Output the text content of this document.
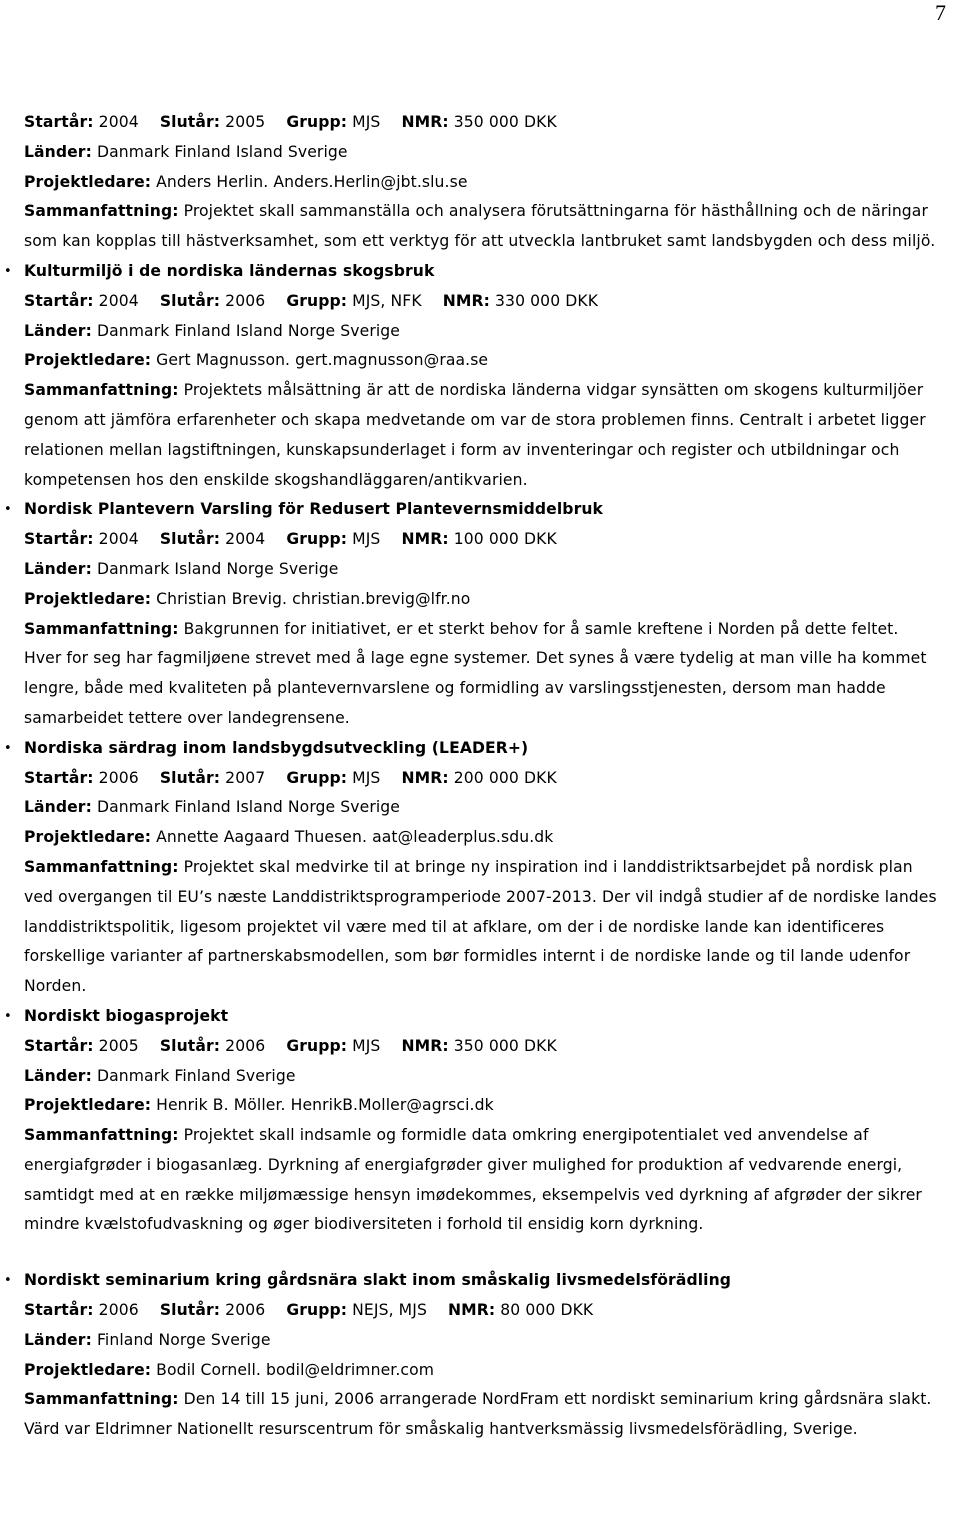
7
Startår: 2004 Slutår: 2005 Grupp: MJS NMR: 350 000 DKK
Länder: Danmark Finland Island Sverige
Projektledare: Anders Herlin. Anders.Herlin@jbt.slu.se

Sammanfattning: Projektet skall sammanställa och analysera förutsättningarna för hästhållning och de näringar som kan kopplas till hästverksamhet, som ett verktyg för att utveckla lantbruket samt landsbygden och dess miljö.

• Kulturmiljö i de nordiska ländernas skogsbruk
Startår: 2004 Slutår: 2006 Grupp: MJS, NFK NMR: 330 000 DKK
Länder: Danmark Finland Island Norge Sverige
Projektledare: Gert Magnusson. gert.magnusson@raa.se

Sammanfattning: Projektets målsättning är att de nordiska länderna vidgar synsätten om skogens kulturmiljöer genom att jämföra erfarenheter och skapa medvetande om var de stora problemen finns. Centralt i arbetet ligger relationen mellan lagstiftningen, kunskapsunderlaget i form av inventeringar och register och utbildningar och kompetensen hos den enskilde skogshandläggaren/antikvarien.

• Nordisk Plantevern Varsling för Redusert Plantevernsmiddelbruk
Startår: 2004 Slutår: 2004 Grupp: MJS NMR: 100 000 DKK
Länder: Danmark Island Norge Sverige
Projektledare: Christian Brevig. christian.brevig@lfr.no

Sammanfattning: Bakgrunnen for initiativet, er et sterkt behov for å samle kreftene i Norden på dette feltet. Hver for seg har fagmiljøene strevet med å lage egne systemer. Det synes å være tydelig at man ville ha kommet lengre, både med kvaliteten på plantevernvarslene og formidling av varslingsstjenesten, dersom man hadde samarbeidet tettere over landegrensene.

• Nordiska särdrag inom landsbygdsutveckling (LEADER+)
Startår: 2006 Slutår: 2007 Grupp: MJS NMR: 200 000 DKK
Länder: Danmark Finland Island Norge Sverige
Projektledare: Annette Aagaard Thuesen. aat@leaderplus.sdu.dk

Sammanfattning: Projektet skal medvirke til at bringe ny inspiration ind i landdistriktsarbejdet på nordisk plan ved overgangen til EU’s næste Landdistriktsprogramperiode 2007-2013. Der vil indgå studier af de nordiske landes landdistriktspolitik, ligesom projektet vil være med til at afklare, om der i de nordiske lande kan identificeres forskellige varianter af partnerskabsmodellen, som bør formidles internt i de nordiske lande og til lande udenfor Norden.

• Nordiskt biogasprojekt
Startår: 2005 Slutår: 2006 Grupp: MJS NMR: 350 000 DKK
Länder: Danmark Finland Sverige
Projektledare: Henrik B. Möller. HenrikB.Moller@agrsci.dk

Sammanfattning: Projektet skall indsamle og formidle data omkring energipotentialet ved anvendelse af energiafgrøder i biogasanlæg. Dyrkning af energiafgrøder giver mulighed for produktion af vedvarende energi, samtidgt med at en række miljømæssige hensyn imødekommes, eksempelvis ved dyrkning af afgrøder der sikrer mindre kvælstofudvaskning og øger biodiversiteten i forhold til ensidig korn dyrkning.

• Nordiskt seminarium kring gårdsnära slakt inom småskalig livsmedelsförädling
Startår: 2006 Slutår: 2006 Grupp: NEJS, MJS NMR: 80 000 DKK
Länder: Finland Norge Sverige
Projektledare: Bodil Cornell. bodil@eldrimner.com

Sammanfattning: Den 14 till 15 juni, 2006 arrangerade NordFram ett nordiskt seminarium kring gårdsnära slakt. Värd var Eldrimner Nationellt resurscentrum för småskalig hantverksmässig livsmedelsförädling, Sverige.
